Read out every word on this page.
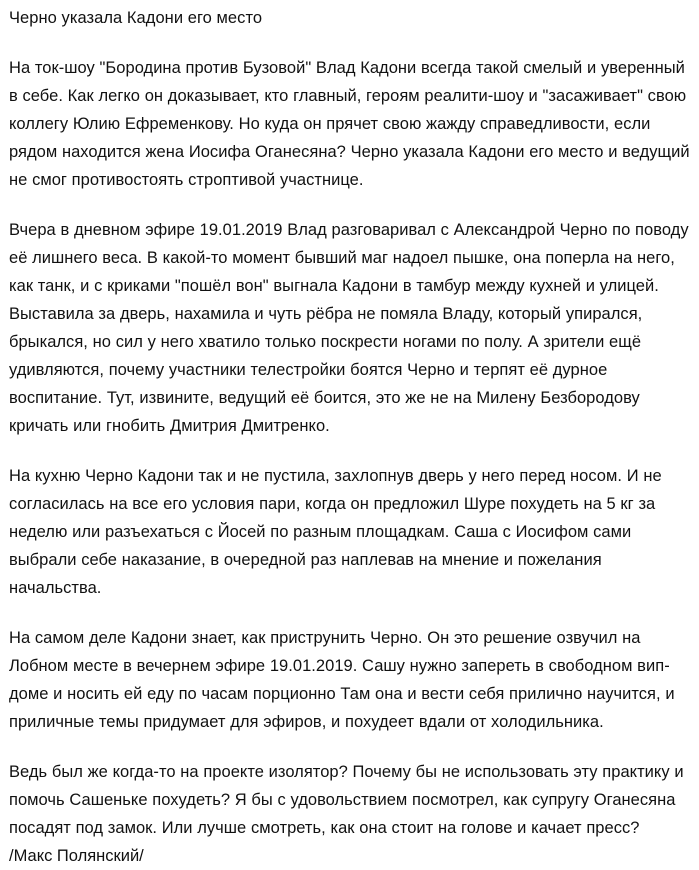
Черно указала Кадони его место

На ток-шоу "Бородина против Бузовой" Влад Кадони всегда такой смелый и уверенный в себе. Как легко он доказывает, кто главный, героям реалити-шоу и "засаживает" свою коллегу Юлию Ефременкову. Но куда он прячет свою жажду справедливости, если рядом находится жена Иосифа Оганесяна? Черно указала Кадони его место и ведущий не смог противостоять строптивой участнице.

Вчера в дневном эфире 19.01.2019 Влад разговаривал с Александрой Черно по поводу её лишнего веса. В какой-то момент бывший маг надоел пышке, она поперла на него, как танк, и с криками "пошёл вон" выгнала Кадони в тамбур между кухней и улицей. Выставила за дверь, нахамила и чуть рёбра не помяла Владу, который упирался, брыкался, но сил у него хватило только поскрести ногами по полу. А зрители ещё удивляются, почему участники телестройки боятся Черно и терпят её дурное воспитание. Тут, извините, ведущий её боится, это же не на Милену Безбородову кричать или гнобить Дмитрия Дмитренко.

На кухню Черно Кадони так и не пустила, захлопнув дверь у него перед носом. И не согласилась на все его условия пари, когда он предложил Шуре похудеть на 5 кг за неделю или разъехаться с Йосей по разным площадкам. Саша с Иосифом сами выбрали себе наказание, в очередной раз наплевав на мнение и пожелания начальства.

На самом деле Кадони знает, как приструнить Черно. Он это решение озвучил на Лобном месте в вечернем эфире 19.01.2019. Сашу нужно запереть в свободном вип-доме и носить ей еду по часам порционно Там она и вести себя прилично научится, и приличные темы придумает для эфиров, и похудеет вдали от холодильника.

Ведь был же когда-то на проекте изолятор? Почему бы не использовать эту практику и помочь Сашеньке похудеть? Я бы с удовольствием посмотрел, как супругу Оганесяна посадят под замок. Или лучше смотреть, как она стоит на голове и качает пресс?

/Макс Полянский/
